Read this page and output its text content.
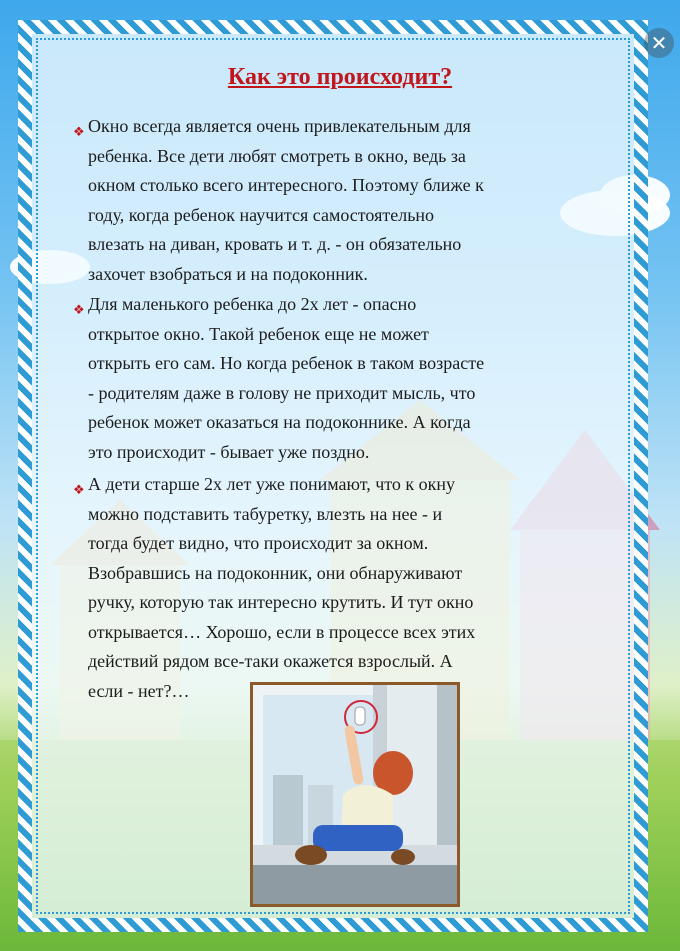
✕
Как это происходит?
❖ Окно всегда является очень привлекательным для
ребенка. Все дети любят смотреть в окно, ведь за
окном столько всего интересного. Поэтому ближе к
году, когда ребенок научится самостоятельно
влезать на диван, кровать и т. д. - он обязательно
захочет взобраться и на подоконник.
❖ Для маленького ребенка до 2х лет - опасно
открытое окно. Такой ребенок еще не может
открыть его сам. Но когда ребенок в таком возрасте
- родителям даже в голову не приходит мысль, что
ребенок может оказаться на подоконнике. А когда
это происходит - бывает уже поздно.
❖ А дети старше 2х лет уже понимают, что к окну
можно подставить табуретку, влезть на нее - и
тогда будет видно, что происходит за окном.
Взобравшись на подоконник, они обнаруживают
ручку, которую так интересно крутить. И тут окно
открывается… Хорошо, если в процессе всех этих
действий рядом все-таки окажется взрослый. А
если - нет?…
